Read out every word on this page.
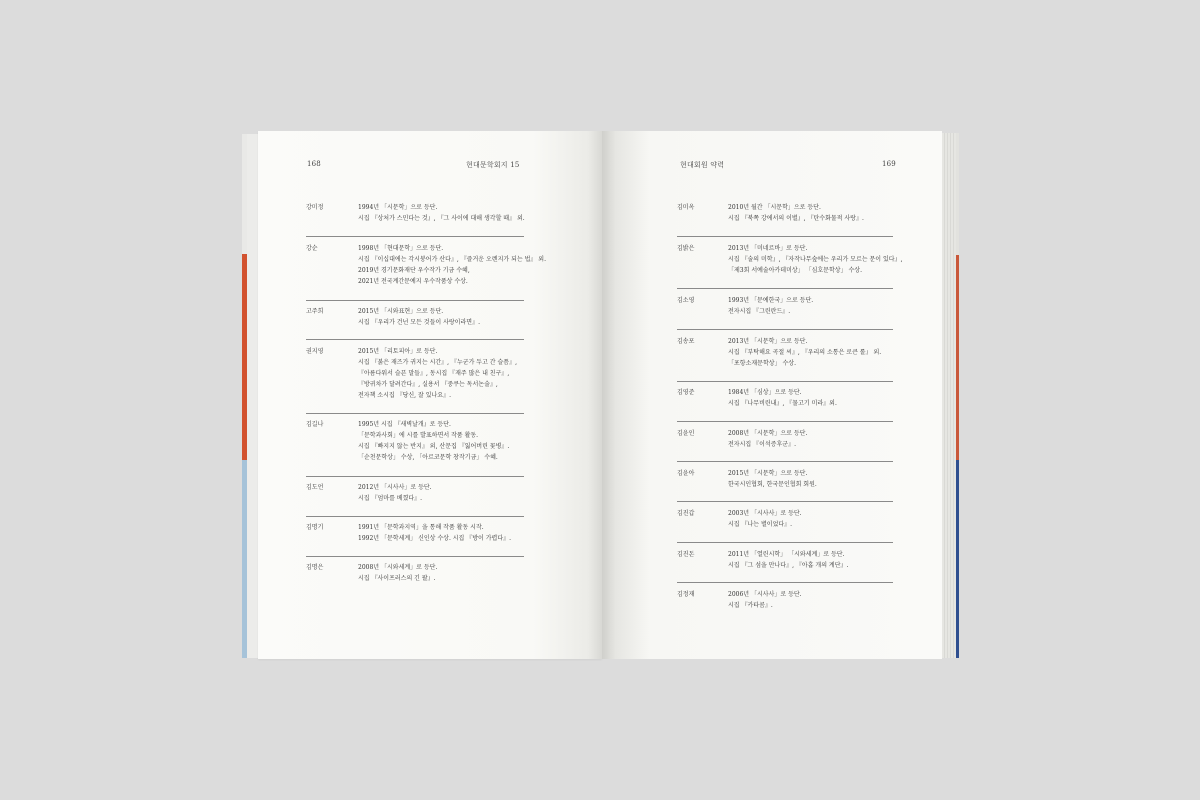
168	현대문학회지 15	현대회원 약력	169
강미정	1994년 「시문학」으로 등단.
시집 『상처가 스민다는 것』, 『그 사이에 대해 생각할 때』 외.
강순	1998년 「현대문학」으로 등단.
시집 『이십대에는 각시붕어가 산다』, 『즐거운 오렌지가 되는 법』 외.
2019년 경기문화재단 우수작가 기금 수혜,
2021년 전국계간문예지 우수작품상 수상.
고주희	2015년 「시와표현」으로 등단.
시집 『우리가 건넌 모든 것들이 사랑이라면』.
권지영	2015년 「리토피아」로 등단.
시집 『붉은 재즈가 귀지는 시간』, 『누군가 두고 간 슬픔』,
『아름다워서 슬픈 말들』, 동시집 『재주 많은 내 친구』,
『방귀차가 달려간다』, 실용서 『중쿠는 독서논술』,
전자책 소시집 『당신, 잘 있나요』.
김길나	1995년 시집 『새벽날개』로 등단.
「문학과사회」에 시를 발표하면서 작품 활동.
시집 『빠지지 않는 반지』 외, 산문집 『잃어버린 꽃병』.
「순천문학상」 수상, 「아르코문학 창작기금」 수혜.
김도언	2012년 「시사사」로 등단.
시집 『엄마를 베꼈다』.
김명기	1991년 「문학과지역」을 통해 작품 활동 시작.
1992년 「문학세계」 신인상 수상. 시집 『방이 가렵다』.
김명은	2008년 「시와세계」로 등단.
시집 『사이프러스의 긴 팔』.
김미옥	2010년 월간 「시문학」으로 등단.
시집 『북쪽 강에서의 이별』, 『탄수화물적 사랑』.
김밝은	2013년 「미네르바」로 등단.
시집 『술의 미학』, 『자작나무숲에는 우리가 모르는 문이 있다』,
「제3회 서예술아카데미상」 「심호문학상」 수상.
김소영	1993년 「문예한국」으로 등단.
전자시집 『그린란드』.
김송포	2013년 「시문학」으로 등단.
시집 『부탁해요 곡절 씨』, 『우리의 소통은 로큰 롤』 외.
「포항소재문학상」 수상.
김영준	1984년 「심상」으로 등단.
시집 『나무비린내』, 『물고기 미라』외.
김윤인	2008년 「시문학」으로 등단.
전자시집 『이석증후군』.
김윤아	2015년 「시문학」으로 등단.
한국시인협회, 한국문인협회 회원.
김진갑	2003년 「시사사」로 등단.
시집 『나는 별이었다』.
김진돈	2011년 「열린시학」 「시와세계」로 등단.
시집 『그 섬을 만나다』, 『아홉 개의 계단』.
김정재	2006년 「시사사」로 등단.
시집 『카타콤』.
